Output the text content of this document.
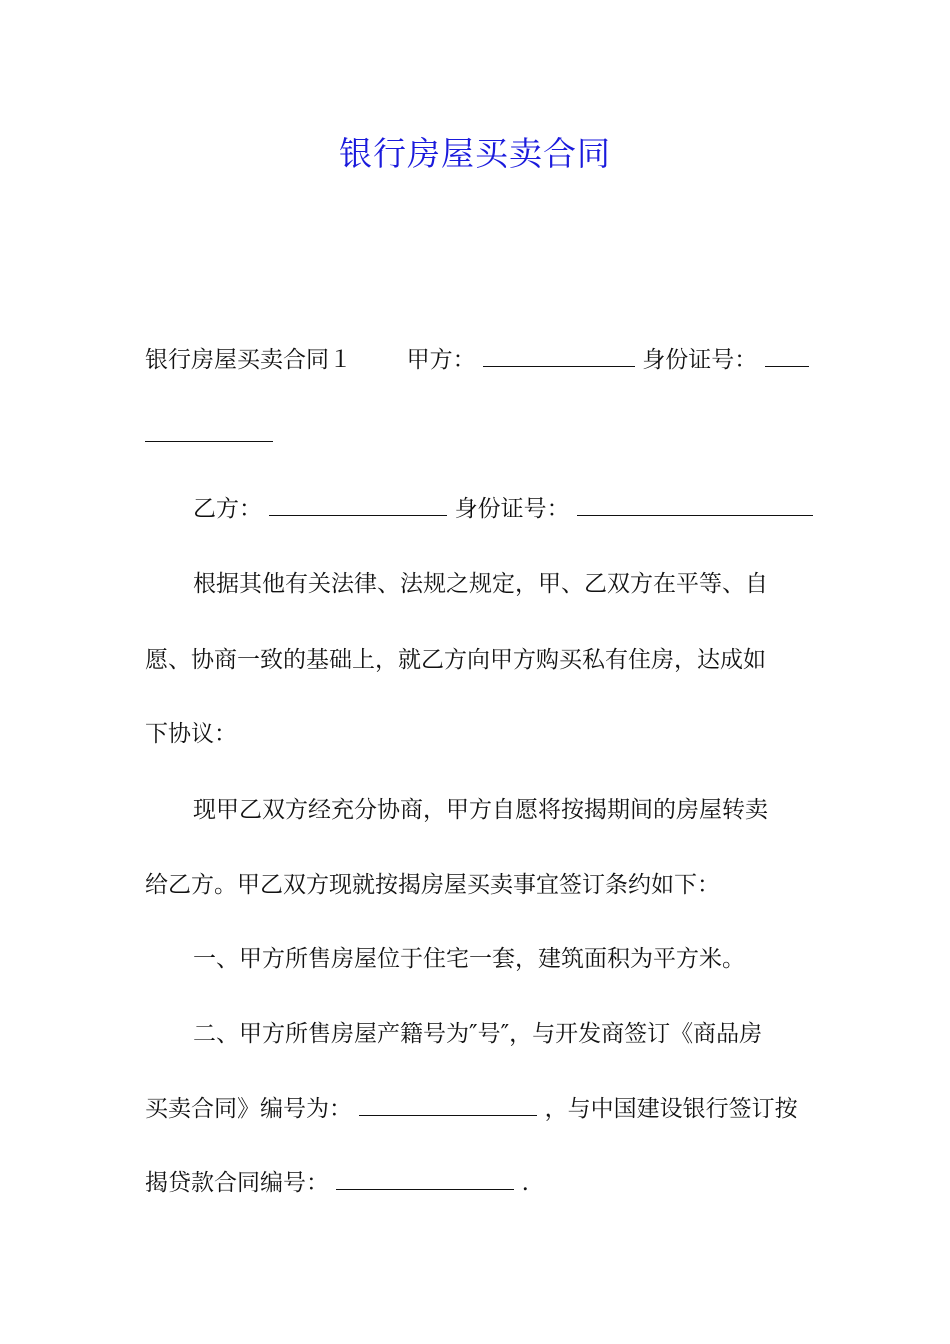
银行房屋买卖合同
银行房屋买卖合同１ 甲方：	身份证号：
乙方：	身份证号：
根据其他有关法律、法规之规定，甲、乙双方在平等、自
愿、协商一致的基础上，就乙方向甲方购买私有住房，达成如
下协议：
现甲乙双方经充分协商，甲方自愿将按揭期间的房屋转卖
给乙方。甲乙双方现就按揭房屋买卖事宜签订条约如下：
一、甲方所售房屋位于住宅一套，建筑面积为平方米。
二、甲方所售房屋产籍号为″号″，与开发商签订《商品房
买卖合同》编号为：	，与中国建设银行签订按
揭贷款合同编号：	.
